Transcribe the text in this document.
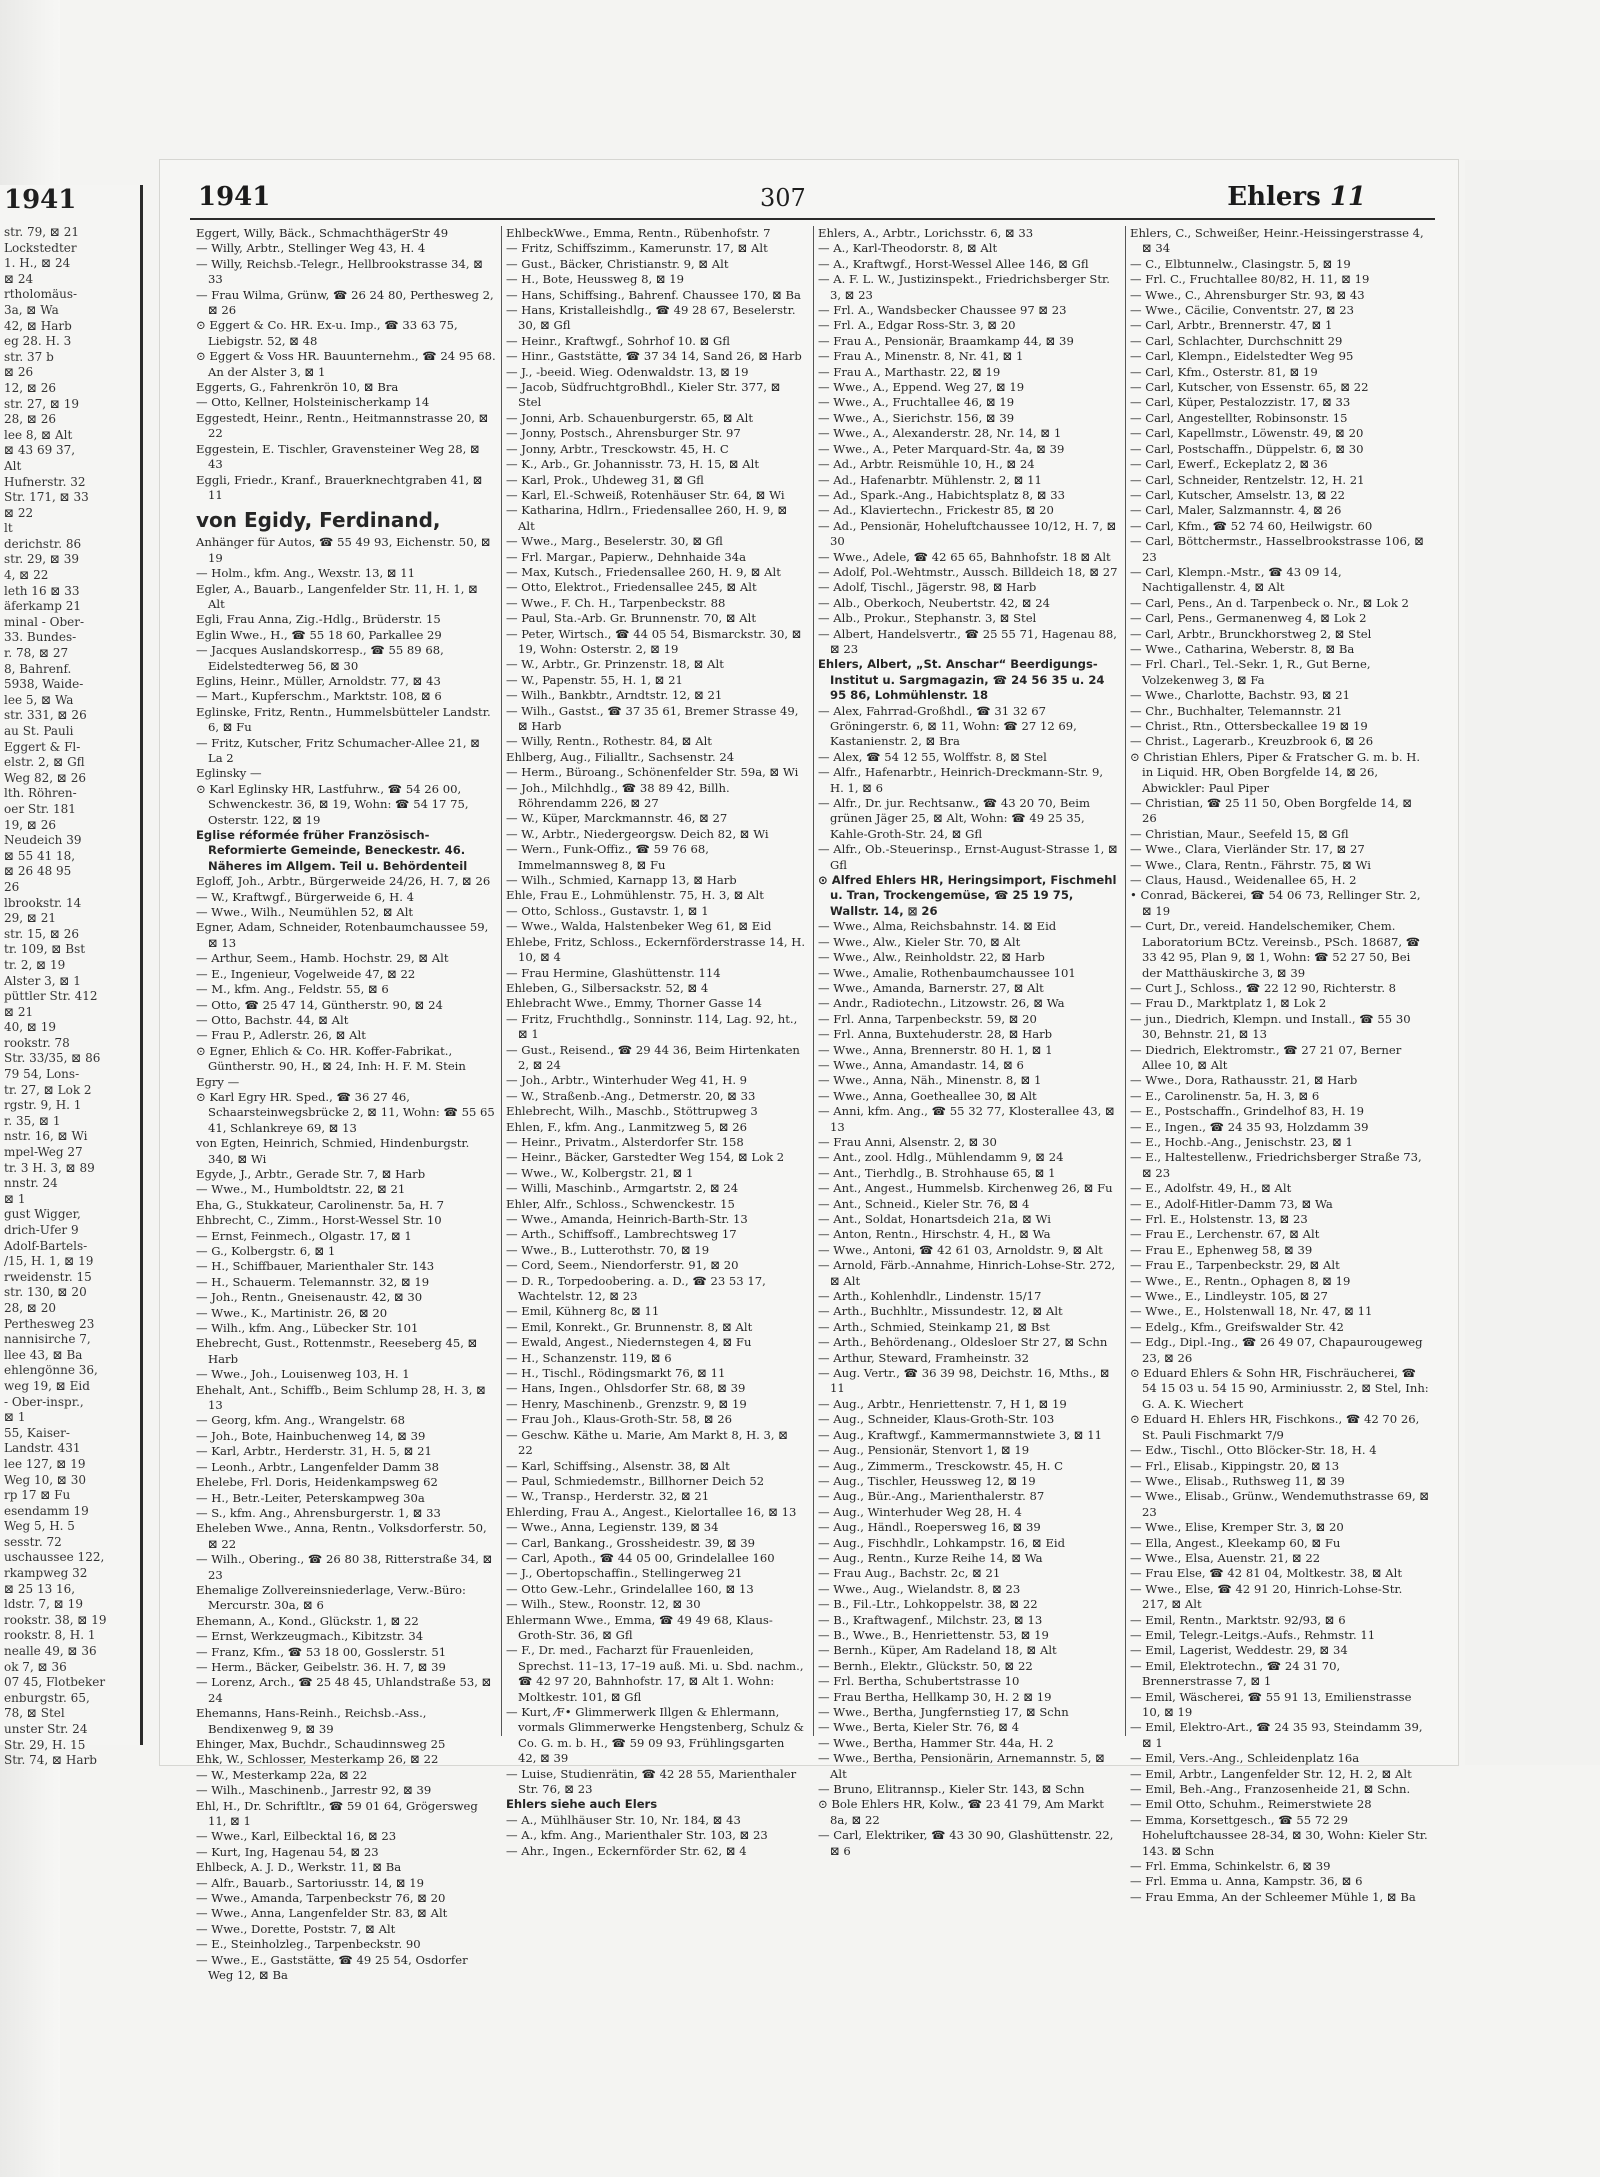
1941
str. 79, ⊠ 21
Lockstedter
1. H., ⊠ 24
⊠ 24
rtholomäus-
3a, ⊠ Wa
42, ⊠ Harb
eg 28. H. 3
str. 37 b
⊠ 26
12, ⊠ 26
str. 27, ⊠ 19
28, ⊠ 26
lee 8, ⊠ Alt
⊠ 43 69 37,
Alt
Hufnerstr. 32
Str. 171, ⊠ 33
⊠ 22
lt
derichstr. 86
str. 29, ⊠ 39
4, ⊠ 22
leth 16 ⊠ 33
äferkamp 21
minal - Ober-
33. Bundes-
r. 78, ⊠ 27
8, Bahrenf.
5938, Waide-
lee 5, ⊠ Wa
str. 331, ⊠ 26
au St. Pauli
Eggert & Fl-
elstr. 2, ⊠ Gfl
Weg 82, ⊠ 26
lth. Röhren-
oer Str. 181
19, ⊠ 26
Neudeich 39
⊠ 55 41 18,
⊠ 26 48 95
26
lbrookstr. 14
29, ⊠ 21
str. 15, ⊠ 26
tr. 109, ⊠ Bst
tr. 2, ⊠ 19
Alster 3, ⊠ 1
püttler Str. 412
⊠ 21
40, ⊠ 19
rookstr. 78
Str. 33/35, ⊠ 86
79 54, Lons-
tr. 27, ⊠ Lok 2
rgstr. 9, H. 1
r. 35, ⊠ 1
nstr. 16, ⊠ Wi
mpel-Weg 27
tr. 3 H. 3, ⊠ 89
nnstr. 24
⊠ 1
gust Wigger,
drich-Ufer 9
Adolf-Bartels-
/15, H. 1, ⊠ 19
rweidenstr. 15
str. 130, ⊠ 20
28, ⊠ 20
Perthesweg 23
nannisirche 7,
llee 43, ⊠ Ba
ehlengönne 36,
weg 19, ⊠ Eid
- Ober-inspr.,
⊠ 1
55, Kaiser-
Landstr. 431
lee 127, ⊠ 19
Weg 10, ⊠ 30
rp 17 ⊠ Fu
esendamm 19
Weg 5, H. 5
sesstr. 72
uschaussee 122,
rkampweg 32
⊠ 25 13 16,
ldstr. 7, ⊠ 19
rookstr. 38, ⊠ 19
rookstr. 8, H. 1
nealle 49, ⊠ 36
ok 7, ⊠ 36
07 45, Flotbeker
enburgstr. 65,
78, ⊠ Stel
unster Str. 24
Str. 29, H. 15
Str. 74, ⊠ Harb
1941	307	Ehlers 11

Eggert, Willy, Bäck., SchmachthägerStr 49

— Willy, Arbtr., Stellinger Weg 43, H. 4

— Willy, Reichsb.-Telegr., Hellbrookstrasse 34, ⊠ 33

— Frau Wilma, Grünw, ☎ 26 24 80, Perthesweg 2, ⊠ 26

⊙ Eggert & Co. HR. Ex-u. Imp., ☎ 33 63 75, Liebigstr. 52, ⊠ 48

⊙ Eggert & Voss HR. Bauunternehm., ☎ 24 95 68. An der Alster 3, ⊠ 1

Eggerts, G., Fahrenkrön 10, ⊠ Bra

— Otto, Kellner, Holsteinischerkamp 14

Eggestedt, Heinr., Rentn., Heitmannstrasse 20, ⊠ 22

Eggestein, E. Tischler, Gravensteiner Weg 28, ⊠ 43

Eggli, Friedr., Kranf., Brauerknechtgraben 41, ⊠ 11

von Egidy, Ferdinand,

Anhänger für Autos, ☎ 55 49 93, Eichenstr. 50, ⊠ 19

— Holm., kfm. Ang., Wexstr. 13, ⊠ 11

Egler, A., Bauarb., Langenfelder Str. 11, H. 1, ⊠ Alt

Egli, Frau Anna, Zig.-Hdlg., Brüderstr. 15

Eglin Wwe., H., ☎ 55 18 60, Parkallee 29

— Jacques Auslandskorresp., ☎ 55 89 68, Eidelstedterweg 56, ⊠ 30

Eglins, Heinr., Müller, Arnoldstr. 77, ⊠ 43

— Mart., Kupferschm., Marktstr. 108, ⊠ 6

Eglinske, Fritz, Rentn., Hummelsbütteler Landstr. 6, ⊠ Fu

— Fritz, Kutscher, Fritz Schumacher-Allee 21, ⊠ La 2

Eglinsky —

⊙ Karl Eglinsky HR, Lastfuhrw., ☎ 54 26 00, Schwenckestr. 36, ⊠ 19, Wohn: ☎ 54 17 75, Osterstr. 122, ⊠ 19

Eglise réformée früher Französisch-Reformierte Gemeinde, Beneckestr. 46. Näheres im Allgem. Teil u. Behördenteil

Egloff, Joh., Arbtr., Bürgerweide 24/26, H. 7, ⊠ 26

— W., Kraftwgf., Bürgerweide 6, H. 4

— Wwe., Wilh., Neumühlen 52, ⊠ Alt

Egner, Adam, Schneider, Rotenbaumchaussee 59, ⊠ 13

— Arthur, Seem., Hamb. Hochstr. 29, ⊠ Alt

— E., Ingenieur, Vogelweide 47, ⊠ 22

— M., kfm. Ang., Feldstr. 55, ⊠ 6

— Otto, ☎ 25 47 14, Güntherstr. 90, ⊠ 24

— Otto, Bachstr. 44, ⊠ Alt

— Frau P., Adlerstr. 26, ⊠ Alt

⊙ Egner, Ehlich & Co. HR. Koffer-Fabrikat., Güntherstr. 90, H., ⊠ 24, Inh: H. F. M. Stein

Egry —

⊙ Karl Egry HR. Sped., ☎ 36 27 46, Schaarsteinwegsbrücke 2, ⊠ 11, Wohn: ☎ 55 65 41, Schlankreye 69, ⊠ 13

von Egten, Heinrich, Schmied, Hindenburgstr. 340, ⊠ Wi

Egyde, J., Arbtr., Gerade Str. 7, ⊠ Harb

— Wwe., M., Humboldtstr. 22, ⊠ 21

Eha, G., Stukkateur, Carolinenstr. 5a, H. 7

Ehbrecht, C., Zimm., Horst-Wessel Str. 10

— Ernst, Feinmech., Olgastr. 17, ⊠ 1

— G., Kolbergstr. 6, ⊠ 1

— H., Schiffbauer, Marienthaler Str. 143

— H., Schauerm. Telemannstr. 32, ⊠ 19

— Joh., Rentn., Gneisenaustr. 42, ⊠ 30

— Wwe., K., Martinistr. 26, ⊠ 20

— Wilh., kfm. Ang., Lübecker Str. 101

Ehebrecht, Gust., Rottenmstr., Reeseberg 45, ⊠ Harb

— Wwe., Joh., Louisenweg 103, H. 1

Ehehalt, Ant., Schiffb., Beim Schlump 28, H. 3, ⊠ 13

— Georg, kfm. Ang., Wrangelstr. 68

— Joh., Bote, Hainbuchenweg 14, ⊠ 39

— Karl, Arbtr., Herderstr. 31, H. 5, ⊠ 21

— Leonh., Arbtr., Langenfelder Damm 38

Ehelebe, Frl. Doris, Heidenkampsweg 62

— H., Betr.-Leiter, Peterskampweg 30a

— S., kfm. Ang., Ahrensburgerstr. 1, ⊠ 33

Eheleben Wwe., Anna, Rentn., Volksdorferstr. 50, ⊠ 22

— Wilh., Obering., ☎ 26 80 38, Ritterstraße 34, ⊠ 23

Ehemalige Zollvereinsniederlage, Verw.-Büro: Mercurstr. 30a, ⊠ 6

Ehemann, A., Kond., Glückstr. 1, ⊠ 22

— Ernst, Werkzeugmach., Kibitzstr. 34

— Franz, Kfm., ☎ 53 18 00, Gosslerstr. 51

— Herm., Bäcker, Geibelstr. 36. H. 7, ⊠ 39

— Lorenz, Arch., ☎ 25 48 45, Uhlandstraße 53, ⊠ 24

Ehemanns, Hans-Reinh., Reichsb.-Ass., Bendixenweg 9, ⊠ 39

Ehinger, Max, Buchdr., Schaudinnsweg 25

Ehk, W., Schlosser, Mesterkamp 26, ⊠ 22

— W., Mesterkamp 22a, ⊠ 22

— Wilh., Maschinenb., Jarrestr 92, ⊠ 39

Ehl, H., Dr. Schriftltr., ☎ 59 01 64, Grögersweg 11, ⊠ 1

— Wwe., Karl, Eilbecktal 16, ⊠ 23

— Kurt, Ing, Hagenau 54, ⊠ 23

Ehlbeck, A. J. D., Werkstr. 11, ⊠ Ba

— Alfr., Bauarb., Sartoriusstr. 14, ⊠ 19

— Wwe., Amanda, Tarpenbeckstr 76, ⊠ 20

— Wwe., Anna, Langenfelder Str. 83, ⊠ Alt

— Wwe., Dorette, Poststr. 7, ⊠ Alt

— E., Steinholzleg., Tarpenbeckstr. 90

— Wwe., E., Gaststätte, ☎ 49 25 54, Osdorfer Weg 12, ⊠ Ba

EhlbeckWwe., Emma, Rentn., Rübenhofstr. 7

— Fritz, Schiffszimm., Kamerunstr. 17, ⊠ Alt

— Gust., Bäcker, Christianstr. 9, ⊠ Alt

— H., Bote, Heussweg 8, ⊠ 19

— Hans, Schiffsing., Bahrenf. Chaussee 170, ⊠ Ba

— Hans, Kristalleishdlg., ☎ 49 28 67, Beselerstr. 30, ⊠ Gfl

— Heinr., Kraftwgf., Sohrhof 10. ⊠ Gfl

— Hinr., Gaststätte, ☎ 37 34 14, Sand 26, ⊠ Harb

— J., -beeid. Wieg. Odenwaldstr. 13, ⊠ 19

— Jacob, SüdfruchtgroBhdl., Kieler Str. 377, ⊠ Stel

— Jonni, Arb. Schauenburgerstr. 65, ⊠ Alt

— Jonny, Postsch., Ahrensburger Str. 97

— Jonny, Arbtr., Tresckowstr. 45, H. C

— K., Arb., Gr. Johannisstr. 73, H. 15, ⊠ Alt

— Karl, Prok., Uhdeweg 31, ⊠ Gfl

— Karl, El.-Schweiß, Rotenhäuser Str. 64, ⊠ Wi

— Katharina, Hdlrn., Friedensallee 260, H. 9, ⊠ Alt

— Wwe., Marg., Beselerstr. 30, ⊠ Gfl

— Frl. Margar., Papierw., Dehnhaide 34a

— Max, Kutsch., Friedensallee 260, H. 9, ⊠ Alt

— Otto, Elektrot., Friedensallee 245, ⊠ Alt

— Wwe., F. Ch. H., Tarpenbeckstr. 88

— Paul, Sta.-Arb. Gr. Brunnenstr. 70, ⊠ Alt

— Peter, Wirtsch., ☎ 44 05 54, Bismarckstr. 30, ⊠ 19, Wohn: Osterstr. 2, ⊠ 19

— W., Arbtr., Gr. Prinzenstr. 18, ⊠ Alt

— W., Papenstr. 55, H. 1, ⊠ 21

— Wilh., Bankbtr., Arndtstr. 12, ⊠ 21

— Wilh., Gastst., ☎ 37 35 61, Bremer Strasse 49, ⊠ Harb

— Willy, Rentn., Rothestr. 84, ⊠ Alt

Ehlberg, Aug., Filialltr., Sachsenstr. 24

— Herm., Büroang., Schönenfelder Str. 59a, ⊠ Wi

— Joh., Milchhdlg., ☎ 38 89 42, Billh. Röhrendamm 226, ⊠ 27

— W., Küper, Marckmannstr. 46, ⊠ 27

— W., Arbtr., Niedergeorgsw. Deich 82, ⊠ Wi

— Wern., Funk-Offiz., ☎ 59 76 68, Immelmannsweg 8, ⊠ Fu

— Wilh., Schmied, Karnapp 13, ⊠ Harb

Ehle, Frau E., Lohmühlenstr. 75, H. 3, ⊠ Alt

— Otto, Schloss., Gustavstr. 1, ⊠ 1

— Wwe., Walda, Halstenbeker Weg 61, ⊠ Eid

Ehlebe, Fritz, Schloss., Eckernförderstrasse 14, H. 10, ⊠ 4

— Frau Hermine, Glashüttenstr. 114

Ehleben, G., Silbersackstr. 52, ⊠ 4

Ehlebracht Wwe., Emmy, Thorner Gasse 14

— Fritz, Fruchthdlg., Sonninstr. 114, Lag. 92, ht., ⊠ 1

— Gust., Reisend., ☎ 29 44 36, Beim Hirtenkaten 2, ⊠ 24

— Joh., Arbtr., Winterhuder Weg 41, H. 9

— W., Straßenb.-Ang., Detmerstr. 20, ⊠ 33

Ehlebrecht, Wilh., Maschb., Stöttrupweg 3

Ehlen, F., kfm. Ang., Lanmitzweg 5, ⊠ 26

— Heinr., Privatm., Alsterdorfer Str. 158

— Heinr., Bäcker, Garstedter Weg 154, ⊠ Lok 2

— Wwe., W., Kolbergstr. 21, ⊠ 1

— Willi, Maschinb., Armgartstr. 2, ⊠ 24

Ehler, Alfr., Schloss., Schwenckestr. 15

— Wwe., Amanda, Heinrich-Barth-Str. 13

— Arth., Schiffsoff., Lambrechtsweg 17

— Wwe., B., Lutterothstr. 70, ⊠ 19

— Cord, Seem., Niendorferstr. 91, ⊠ 20

— D. R., Torpedoobering. a. D., ☎ 23 53 17, Wachtelstr. 12, ⊠ 23

— Emil, Kühnerg 8c, ⊠ 11

— Emil, Konrekt., Gr. Brunnenstr. 8, ⊠ Alt

— Ewald, Angest., Niedernstegen 4, ⊠ Fu

— H., Schanzenstr. 119, ⊠ 6

— H., Tischl., Rödingsmarkt 76, ⊠ 11

— Hans, Ingen., Ohlsdorfer Str. 68, ⊠ 39

— Henry, Maschinenb., Grenzstr. 9, ⊠ 19

— Frau Joh., Klaus-Groth-Str. 58, ⊠ 26

— Geschw. Käthe u. Marie, Am Markt 8, H. 3, ⊠ 22

— Karl, Schiffsing., Alsenstr. 38, ⊠ Alt

— Paul, Schmiedemstr., Billhorner Deich 52

— W., Transp., Herderstr. 32, ⊠ 21

Ehlerding, Frau A., Angest., Kielortallee 16, ⊠ 13

— Wwe., Anna, Legienstr. 139, ⊠ 34

— Carl, Bankang., Grossheidestr. 39, ⊠ 39

— Carl, Apoth., ☎ 44 05 00, Grindelallee 160

— J., Obertopschaffin., Stellingerweg 21

— Otto Gew.-Lehr., Grindelallee 160, ⊠ 13

— Wilh., Stew., Roonstr. 12, ⊠ 30

Ehlermann Wwe., Emma, ☎ 49 49 68, Klaus-Groth-Str. 36, ⊠ Gfl

— F., Dr. med., Facharzt für Frauenleiden, Sprechst. 11–13, 17–19 auß. Mi. u. Sbd. nachm., ☎ 42 97 20, Bahnhofstr. 17, ⊠ Alt 1. Wohn: Moltkestr. 101, ⊠ Gfl

— Kurt, ⁄F• Glimmerwerk Illgen & Ehlermann, vormals Glimmerwerke Hengstenberg, Schulz & Co. G. m. b. H., ☎ 59 09 93, Frühlingsgarten 42, ⊠ 39

— Luise, Studienrätin, ☎ 42 28 55, Marienthaler Str. 76, ⊠ 23

Ehlers siehe auch Elers

— A., Mühlhäuser Str. 10, Nr. 184, ⊠ 43

— A., kfm. Ang., Marienthaler Str. 103, ⊠ 23

— Ahr., Ingen., Eckernförder Str. 62, ⊠ 4

Ehlers, A., Arbtr., Lorichsstr. 6, ⊠ 33

— A., Karl-Theodorstr. 8, ⊠ Alt

— A., Kraftwgf., Horst-Wessel Allee 146, ⊠ Gfl

— A. F. L. W., Justizinspekt., Friedrichsberger Str. 3, ⊠ 23

— Frl. A., Wandsbecker Chaussee 97 ⊠ 23

— Frl. A., Edgar Ross-Str. 3, ⊠ 20

— Frau A., Pensionär, Braamkamp 44, ⊠ 39

— Frau A., Minenstr. 8, Nr. 41, ⊠ 1

— Frau A., Marthastr. 22, ⊠ 19

— Wwe., A., Eppend. Weg 27, ⊠ 19

— Wwe., A., Fruchtallee 46, ⊠ 19

— Wwe., A., Sierichstr. 156, ⊠ 39

— Wwe., A., Alexanderstr. 28, Nr. 14, ⊠ 1

— Wwe., A., Peter Marquard-Str. 4a, ⊠ 39

— Ad., Arbtr. Reismühle 10, H., ⊠ 24

— Ad., Hafenarbtr. Mühlenstr. 2, ⊠ 11

— Ad., Spark.-Ang., Habichtsplatz 8, ⊠ 33

— Ad., Klaviertechn., Frickestr 85, ⊠ 20

— Ad., Pensionär, Hoheluftchaussee 10/12, H. 7, ⊠ 30

— Wwe., Adele, ☎ 42 65 65, Bahnhofstr. 18 ⊠ Alt

— Adolf, Pol.-Wehtmstr., Aussch. Billdeich 18, ⊠ 27

— Adolf, Tischl., Jägerstr. 98, ⊠ Harb

— Alb., Oberkoch, Neubertstr. 42, ⊠ 24

— Alb., Prokur., Stephanstr. 3, ⊠ Stel

— Albert, Handelsvertr., ☎ 25 55 71, Hagenau 88, ⊠ 23

Ehlers, Albert, „St. Anschar“ Beerdigungs-Institut u. Sargmagazin, ☎ 24 56 35 u. 24 95 86, Lohmühlenstr. 18

— Alex, Fahrrad-Großhdl., ☎ 31 32 67 Gröningerstr. 6, ⊠ 11, Wohn: ☎ 27 12 69, Kastanienstr. 2, ⊠ Bra

— Alex, ☎ 54 12 55, Wolffstr. 8, ⊠ Stel

— Alfr., Hafenarbtr., Heinrich-Dreckmann-Str. 9, H. 1, ⊠ 6

— Alfr., Dr. jur. Rechtsanw., ☎ 43 20 70, Beim grünen Jäger 25, ⊠ Alt, Wohn: ☎ 49 25 35, Kahle-Groth-Str. 24, ⊠ Gfl

— Alfr., Ob.-Steuerinsp., Ernst-August-Strasse 1, ⊠ Gfl

⊙ Alfred Ehlers HR, Heringsimport, Fischmehl u. Tran, Trockengemüse, ☎ 25 19 75, Wallstr. 14, ⊠ 26

— Wwe., Alma, Reichsbahnstr. 14. ⊠ Eid

— Wwe., Alw., Kieler Str. 70, ⊠ Alt

— Wwe., Alw., Reinholdstr. 22, ⊠ Harb

— Wwe., Amalie, Rothenbaumchaussee 101

— Wwe., Amanda, Barnerstr. 27, ⊠ Alt

— Andr., Radiotechn., Litzowstr. 26, ⊠ Wa

— Frl. Anna, Tarpenbeckstr. 59, ⊠ 20

— Frl. Anna, Buxtehuderstr. 28, ⊠ Harb

— Wwe., Anna, Brennerstr. 80 H. 1, ⊠ 1

— Wwe., Anna, Amandastr. 14, ⊠ 6

— Wwe., Anna, Näh., Minenstr. 8, ⊠ 1

— Wwe., Anna, Goetheallee 30, ⊠ Alt

— Anni, kfm. Ang., ☎ 55 32 77, Klosterallee 43, ⊠ 13

— Frau Anni, Alsenstr. 2, ⊠ 30

— Ant., zool. Hdlg., Mühlendamm 9, ⊠ 24

— Ant., Tierhdlg., B. Strohhause 65, ⊠ 1

— Ant., Angest., Hummelsb. Kirchenweg 26, ⊠ Fu

— Ant., Schneid., Kieler Str. 76, ⊠ 4

— Ant., Soldat, Honartsdeich 21a, ⊠ Wi

— Anton, Rentn., Hirschstr. 4, H., ⊠ Wa

— Wwe., Antoni, ☎ 42 61 03, Arnoldstr. 9, ⊠ Alt

— Arnold, Färb.-Annahme, Hinrich-Lohse-Str. 272, ⊠ Alt

— Arth., Kohlenhdlr., Lindenstr. 15/17

— Arth., Buchhltr., Missundestr. 12, ⊠ Alt

— Arth., Schmied, Steinkamp 21, ⊠ Bst

— Arth., Behördenang., Oldesloer Str 27, ⊠ Schn

— Arthur, Steward, Framheinstr. 32

— Aug. Vertr., ☎ 36 39 98, Deichstr. 16, Mths., ⊠ 11

— Aug., Arbtr., Henriettenstr. 7, H 1, ⊠ 19

— Aug., Schneider, Klaus-Groth-Str. 103

— Aug., Kraftwgf., Kammermannstwiete 3, ⊠ 11

— Aug., Pensionär, Stenvort 1, ⊠ 19

— Aug., Zimmerm., Tresckowstr. 45, H. C

— Aug., Tischler, Heussweg 12, ⊠ 19

— Aug., Bür.-Ang., Marienthalerstr. 87

— Aug., Winterhuder Weg 28, H. 4

— Aug., Händl., Roepersweg 16, ⊠ 39

— Aug., Fischhdlr., Lohkampstr. 16, ⊠ Eid

— Aug., Rentn., Kurze Reihe 14, ⊠ Wa

— Frau Aug., Bachstr. 2c, ⊠ 21

— Wwe., Aug., Wielandstr. 8, ⊠ 23

— B., Fil.-Ltr., Lohkoppelstr. 38, ⊠ 22

— B., Kraftwagenf., Milchstr. 23, ⊠ 13

— B., Wwe., B., Henriettenstr. 53, ⊠ 19

— Bernh., Küper, Am Radeland 18, ⊠ Alt

— Bernh., Elektr., Glückstr. 50, ⊠ 22

— Frl. Bertha, Schubertstrasse 10

— Frau Bertha, Hellkamp 30, H. 2 ⊠ 19

— Wwe., Bertha, Jungfernstieg 17, ⊠ Schn

— Wwe., Berta, Kieler Str. 76, ⊠ 4

— Wwe., Bertha, Hammer Str. 44a, H. 2

— Wwe., Bertha, Pensionärin, Arnemannstr. 5, ⊠ Alt

— Bruno, Elitrannsp., Kieler Str. 143, ⊠ Schn

⊙ Bole Ehlers HR, Kolw., ☎ 23 41 79, Am Markt 8a, ⊠ 22

— Carl, Elektriker, ☎ 43 30 90, Glashüttenstr. 22, ⊠ 6

Ehlers, C., Schweißer, Heinr.-Heissingerstrasse 4, ⊠ 34

— C., Elbtunnelw., Clasingstr. 5, ⊠ 19

— Frl. C., Fruchtallee 80/82, H. 11, ⊠ 19

— Wwe., C., Ahrensburger Str. 93, ⊠ 43

— Wwe., Cäcilie, Conventstr. 27, ⊠ 23

— Carl, Arbtr., Brennerstr. 47, ⊠ 1

— Carl, Schlachter, Durchschnitt 29

— Carl, Klempn., Eidelstedter Weg 95

— Carl, Kfm., Osterstr. 81, ⊠ 19

— Carl, Kutscher, von Essenstr. 65, ⊠ 22

— Carl, Küper, Pestalozzistr. 17, ⊠ 33

— Carl, Angestellter, Robinsonstr. 15

— Carl, Kapellmstr., Löwenstr. 49, ⊠ 20

— Carl, Postschaffn., Düppelstr. 6, ⊠ 30

— Carl, Ewerf., Eckeplatz 2, ⊠ 36

— Carl, Schneider, Rentzelstr. 12, H. 21

— Carl, Kutscher, Amselstr. 13, ⊠ 22

— Carl, Maler, Salzmannstr. 4, ⊠ 26

— Carl, Kfm., ☎ 52 74 60, Heilwigstr. 60

— Carl, Böttchermstr., Hasselbrookstrasse 106, ⊠ 23

— Carl, Klempn.-Mstr., ☎ 43 09 14, Nachtigallenstr. 4, ⊠ Alt

— Carl, Pens., An d. Tarpenbeck o. Nr., ⊠ Lok 2

— Carl, Pens., Germanenweg 4, ⊠ Lok 2

— Carl, Arbtr., Brunckhorstweg 2, ⊠ Stel

— Wwe., Catharina, Weberstr. 8, ⊠ Ba

— Frl. Charl., Tel.-Sekr. 1, R., Gut Berne, Volzekenweg 3, ⊠ Fa

— Wwe., Charlotte, Bachstr. 93, ⊠ 21

— Chr., Buchhalter, Telemannstr. 21

— Christ., Rtn., Ottersbeckallee 19 ⊠ 19

— Christ., Lagerarb., Kreuzbrook 6, ⊠ 26

⊙ Christian Ehlers, Piper & Fratscher G. m. b. H. in Liquid. HR, Oben Borgfelde 14, ⊠ 26, Abwickler: Paul Piper

— Christian, ☎ 25 11 50, Oben Borgfelde 14, ⊠ 26

— Christian, Maur., Seefeld 15, ⊠ Gfl

— Wwe., Clara, Vierländer Str. 17, ⊠ 27

— Wwe., Clara, Rentn., Fährstr. 75, ⊠ Wi

— Claus, Hausd., Weidenallee 65, H. 2

• Conrad, Bäckerei, ☎ 54 06 73, Rellinger Str. 2, ⊠ 19

— Curt, Dr., vereid. Handelschemiker, Chem. Laboratorium BCtz. Vereinsb., PSch. 18687, ☎ 33 42 95, Plan 9, ⊠ 1, Wohn: ☎ 52 27 50, Bei der Matthäuskirche 3, ⊠ 39

— Curt J., Schloss., ☎ 22 12 90, Richterstr. 8

— Frau D., Marktplatz 1, ⊠ Lok 2

— jun., Diedrich, Klempn. und Install., ☎ 55 30 30, Behnstr. 21, ⊠ 13

— Diedrich, Elektromstr., ☎ 27 21 07, Berner Allee 10, ⊠ Alt

— Wwe., Dora, Rathausstr. 21, ⊠ Harb

— E., Carolinenstr. 5a, H. 3, ⊠ 6

— E., Postschaffn., Grindelhof 83, H. 19

— E., Ingen., ☎ 24 35 93, Holzdamm 39

— E., Hochb.-Ang., Jenischstr. 23, ⊠ 1

— E., Haltestellenw., Friedrichsberger Straße 73, ⊠ 23

— E., Adolfstr. 49, H., ⊠ Alt

— E., Adolf-Hitler-Damm 73, ⊠ Wa

— Frl. E., Holstenstr. 13, ⊠ 23

— Frau E., Lerchenstr. 67, ⊠ Alt

— Frau E., Ephenweg 58, ⊠ 39

— Frau E., Tarpenbeckstr. 29, ⊠ Alt

— Wwe., E., Rentn., Ophagen 8, ⊠ 19

— Wwe., E., Lindleystr. 105, ⊠ 27

— Wwe., E., Holstenwall 18, Nr. 47, ⊠ 11

— Edelg., Kfm., Greifswalder Str. 42

— Edg., Dipl.-Ing., ☎ 26 49 07, Chapaurougeweg 23, ⊠ 26

⊙ Eduard Ehlers & Sohn HR, Fischräucherei, ☎ 54 15 03 u. 54 15 90, Arminiusstr. 2, ⊠ Stel, Inh: G. A. K. Wiechert

⊙ Eduard H. Ehlers HR, Fischkons., ☎ 42 70 26, St. Pauli Fischmarkt 7/9

— Edw., Tischl., Otto Blöcker-Str. 18, H. 4

— Frl., Elisab., Kippingstr. 20, ⊠ 13

— Wwe., Elisab., Ruthsweg 11, ⊠ 39

— Wwe., Elisab., Grünw., Wendemuthstrasse 69, ⊠ 23

— Wwe., Elise, Kremper Str. 3, ⊠ 20

— Ella, Angest., Kleekamp 60, ⊠ Fu

— Wwe., Elsa, Auenstr. 21, ⊠ 22

— Frau Else, ☎ 42 81 04, Moltkestr. 38, ⊠ Alt

— Wwe., Else, ☎ 42 91 20, Hinrich-Lohse-Str. 217, ⊠ Alt

— Emil, Rentn., Marktstr. 92/93, ⊠ 6

— Emil, Telegr.-Leitgs.-Aufs., Rehmstr. 11

— Emil, Lagerist, Weddestr. 29, ⊠ 34

— Emil, Elektrotechn., ☎ 24 31 70, Brennerstrasse 7, ⊠ 1

— Emil, Wäscherei, ☎ 55 91 13, Emilienstrasse 10, ⊠ 19

— Emil, Elektro-Art., ☎ 24 35 93, Steindamm 39, ⊠ 1

— Emil, Vers.-Ang., Schleidenplatz 16a

— Emil, Arbtr., Langenfelder Str. 12, H. 2, ⊠ Alt

— Emil, Beh.-Ang., Franzosenheide 21, ⊠ Schn.

— Emil Otto, Schuhm., Reimerstwiete 28

— Emma, Korsettgesch., ☎ 55 72 29 Hoheluftchaussee 28-34, ⊠ 30, Wohn: Kieler Str. 143. ⊠ Schn

— Frl. Emma, Schinkelstr. 6, ⊠ 39

— Frl. Emma u. Anna, Kampstr. 36, ⊠ 6

— Frau Emma, An der Schleemer Mühle 1, ⊠ Ba
